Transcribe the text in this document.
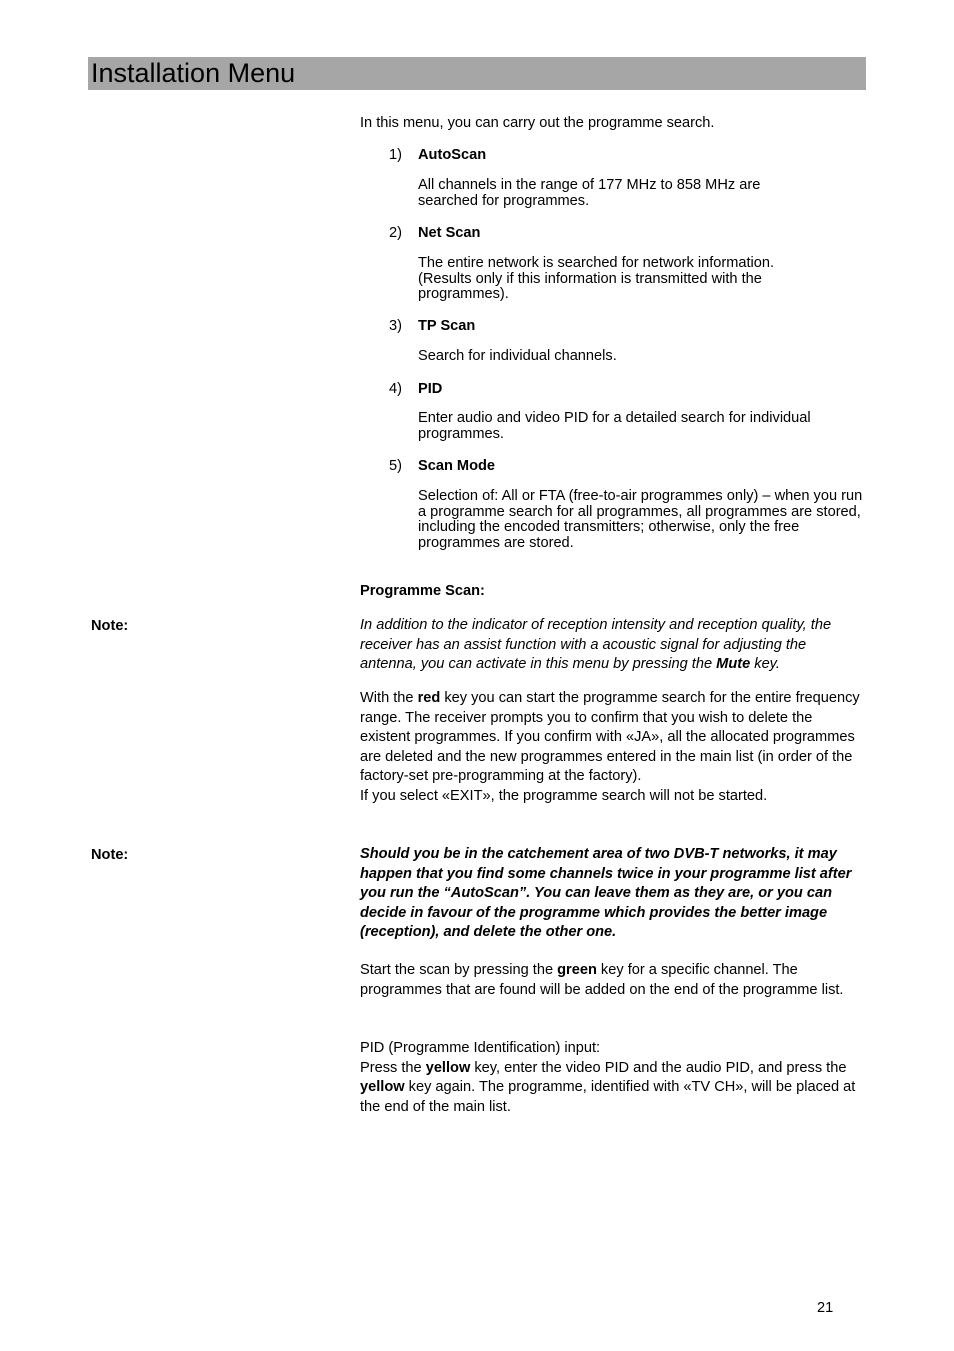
Installation Menu
In this menu, you can carry out the programme search.
1) AutoScan
All channels in the range of 177 MHz to 858 MHz are searched for programmes.
2) Net Scan
The entire network is searched for network information. (Results only if this information is transmitted with the programmes).
3) TP Scan
Search for individual channels.
4) PID
Enter audio and video PID for a detailed search for individual programmes.
5) Scan Mode
Selection of: All or FTA (free-to-air programmes only) – when you run a programme search for all programmes, all programmes are stored, including the encoded transmitters; otherwise, only the free programmes are stored.
Programme Scan:
Note:	In addition to the indicator of reception intensity and reception quality, the receiver has an assist function with a acoustic signal for adjusting the antenna, you can activate in this menu by pressing the Mute key.
With the red key you can start the programme search for the entire frequency range. The receiver prompts you to confirm that you wish to delete the existent programmes. If you confirm with «JA», all the allocated programmes are deleted and the new programmes entered in the main list (in order of the factory-set pre-programming at the factory).
If you select «EXIT», the programme search will not be started.
Note:	Should you be in the catchement area of two DVB-T networks, it may happen that you find some channels twice in your programme list after you run the “AutoScan”. You can leave them as they are, or you can decide in favour of the programme which provides the better image (reception), and delete the other one.
Start the scan by pressing the green key for a specific channel. The programmes that are found will be added on the end of the programme list.
PID (Programme Identification) input:
Press the yellow key, enter the video PID and the audio PID, and press the yellow key again. The programme, identified with «TV CH», will be placed at the end of the main list.
21
